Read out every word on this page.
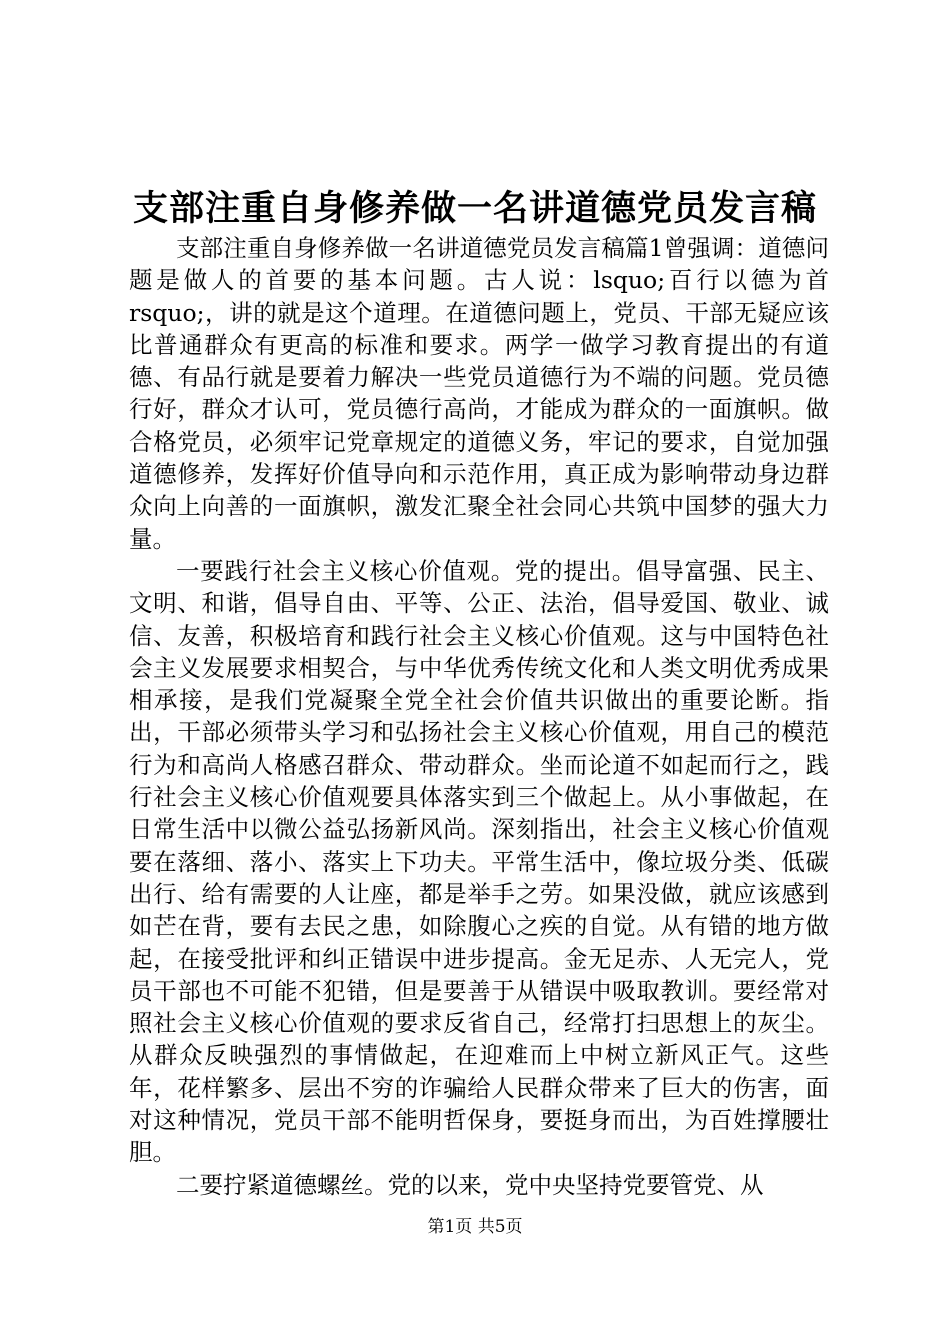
支部注重自身修养做一名讲道德党员发言稿

支部注重自身修养做一名讲道德党员发言稿篇1曾强调：道德问题是做人的首要的基本问题。古人说：lsquo;百行以德为首rsquo;，讲的就是这个道理。在道德问题上，党员、干部无疑应该比普通群众有更高的标准和要求。两学一做学习教育提出的有道德、有品行就是要着力解决一些党员道德行为不端的问题。党员德行好，群众才认可，党员德行高尚，才能成为群众的一面旗帜。做合格党员，必须牢记党章规定的道德义务，牢记的要求，自觉加强道德修养，发挥好价值导向和示范作用，真正成为影响带动身边群众向上向善的一面旗帜，激发汇聚全社会同心共筑中国梦的强大力量。

一要践行社会主义核心价值观。党的提出。倡导富强、民主、文明、和谐，倡导自由、平等、公正、法治，倡导爱国、敬业、诚信、友善，积极培育和践行社会主义核心价值观。这与中国特色社会主义发展要求相契合，与中华优秀传统文化和人类文明优秀成果相承接，是我们党凝聚全党全社会价值共识做出的重要论断。指出，干部必须带头学习和弘扬社会主义核心价值观，用自己的模范行为和高尚人格感召群众、带动群众。坐而论道不如起而行之，践行社会主义核心价值观要具体落实到三个做起上。从小事做起，在日常生活中以微公益弘扬新风尚。深刻指出，社会主义核心价值观要在落细、落小、落实上下功夫。平常生活中，像垃圾分类、低碳出行、给有需要的人让座，都是举手之劳。如果没做，就应该感到如芒在背，要有去民之患，如除腹心之疾的自觉。从有错的地方做起，在接受批评和纠正错误中进步提高。金无足赤、人无完人，党员干部也不可能不犯错，但是要善于从错误中吸取教训。要经常对照社会主义核心价值观的要求反省自己，经常打扫思想上的灰尘。从群众反映强烈的事情做起，在迎难而上中树立新风正气。这些年，花样繁多、层出不穷的诈骗给人民群众带来了巨大的伤害，面对这种情况，党员干部不能明哲保身，要挺身而出，为百姓撑腰壮胆。

二要拧紧道德螺丝。党的以来，党中央坚持党要管党、从

第1页 共5页
